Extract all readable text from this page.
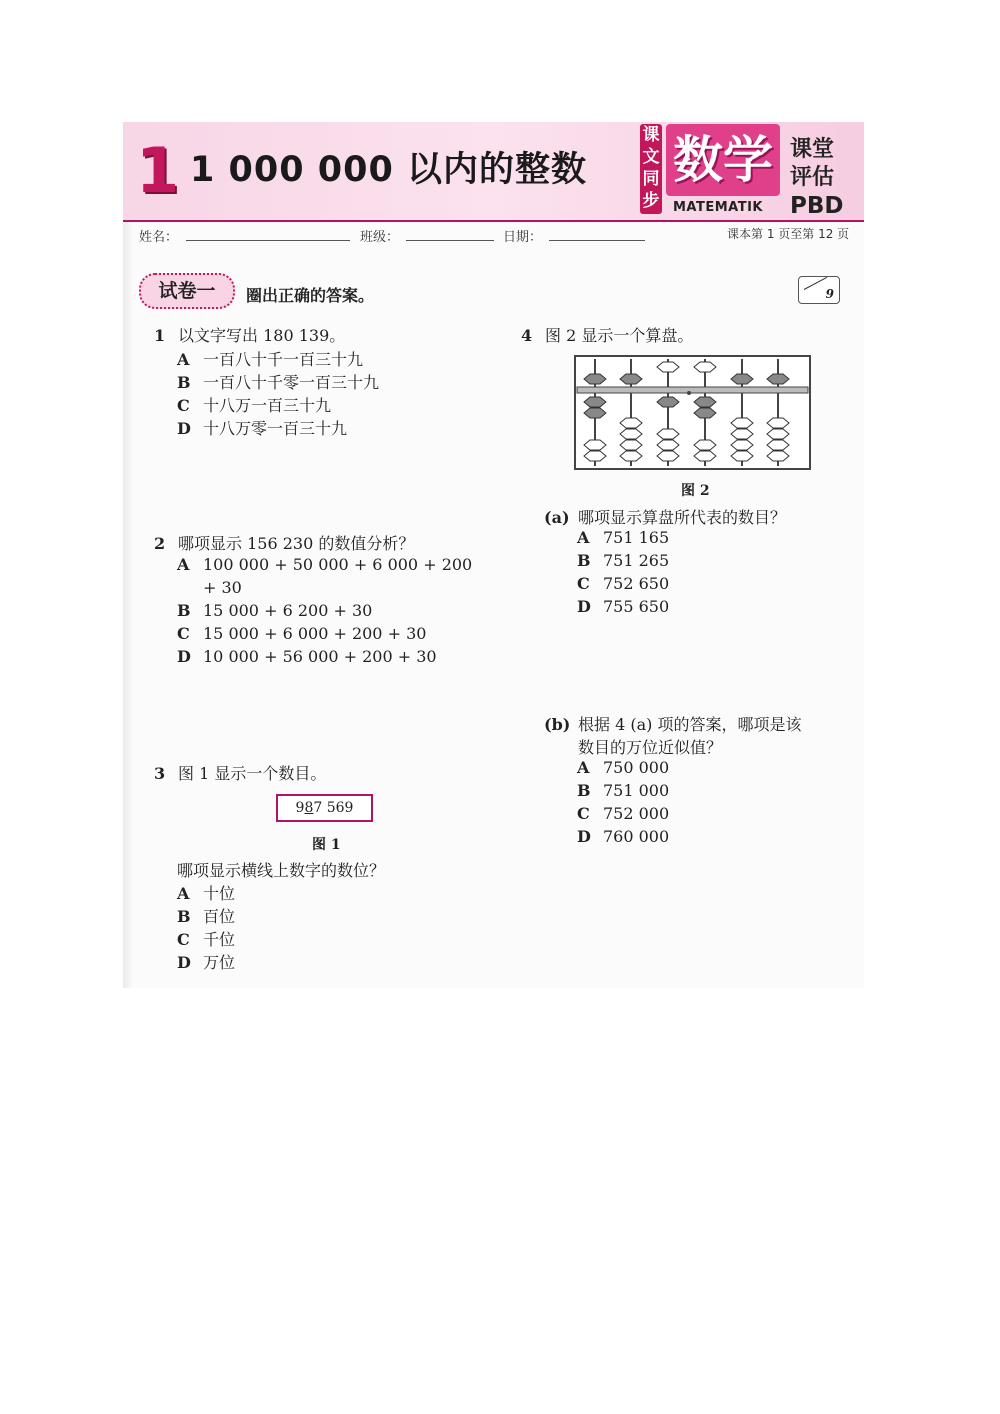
1 1 000 000 以内的整数
课
文
同
步
数学
MATEMATIK
课堂评估
PBD
姓名：	班级：	日期：	课本第 1 页至第 12 页
试卷一	圈出正确的答案。	9
1 以文字写出 180 139。
A 一百八十千一百三十九
B 一百八十千零一百三十九
C 十八万一百三十九
D 十八万零一百三十九
2 哪项显示 156 230 的数值分析？
A 100 000 + 50 000 + 6 000 + 200
+ 30
B 15 000 + 6 200 + 30
C 15 000 + 6 000 + 200 + 30
D 10 000 + 56 000 + 200 + 30
3 图 1 显示一个数目。
987 569
图 1
哪项显示横线上数字的数位？
A 十位
B 百位
C 千位
D 万位
4 图 2 显示一个算盘。
图 2
(a) 哪项显示算盘所代表的数目？
A 751 165
B 751 265
C 752 650
D 755 650
(b) 根据 4 (a) 项的答案，哪项是该
数目的万位近似值？
A 750 000
B 751 000
C 752 000
D 760 000
